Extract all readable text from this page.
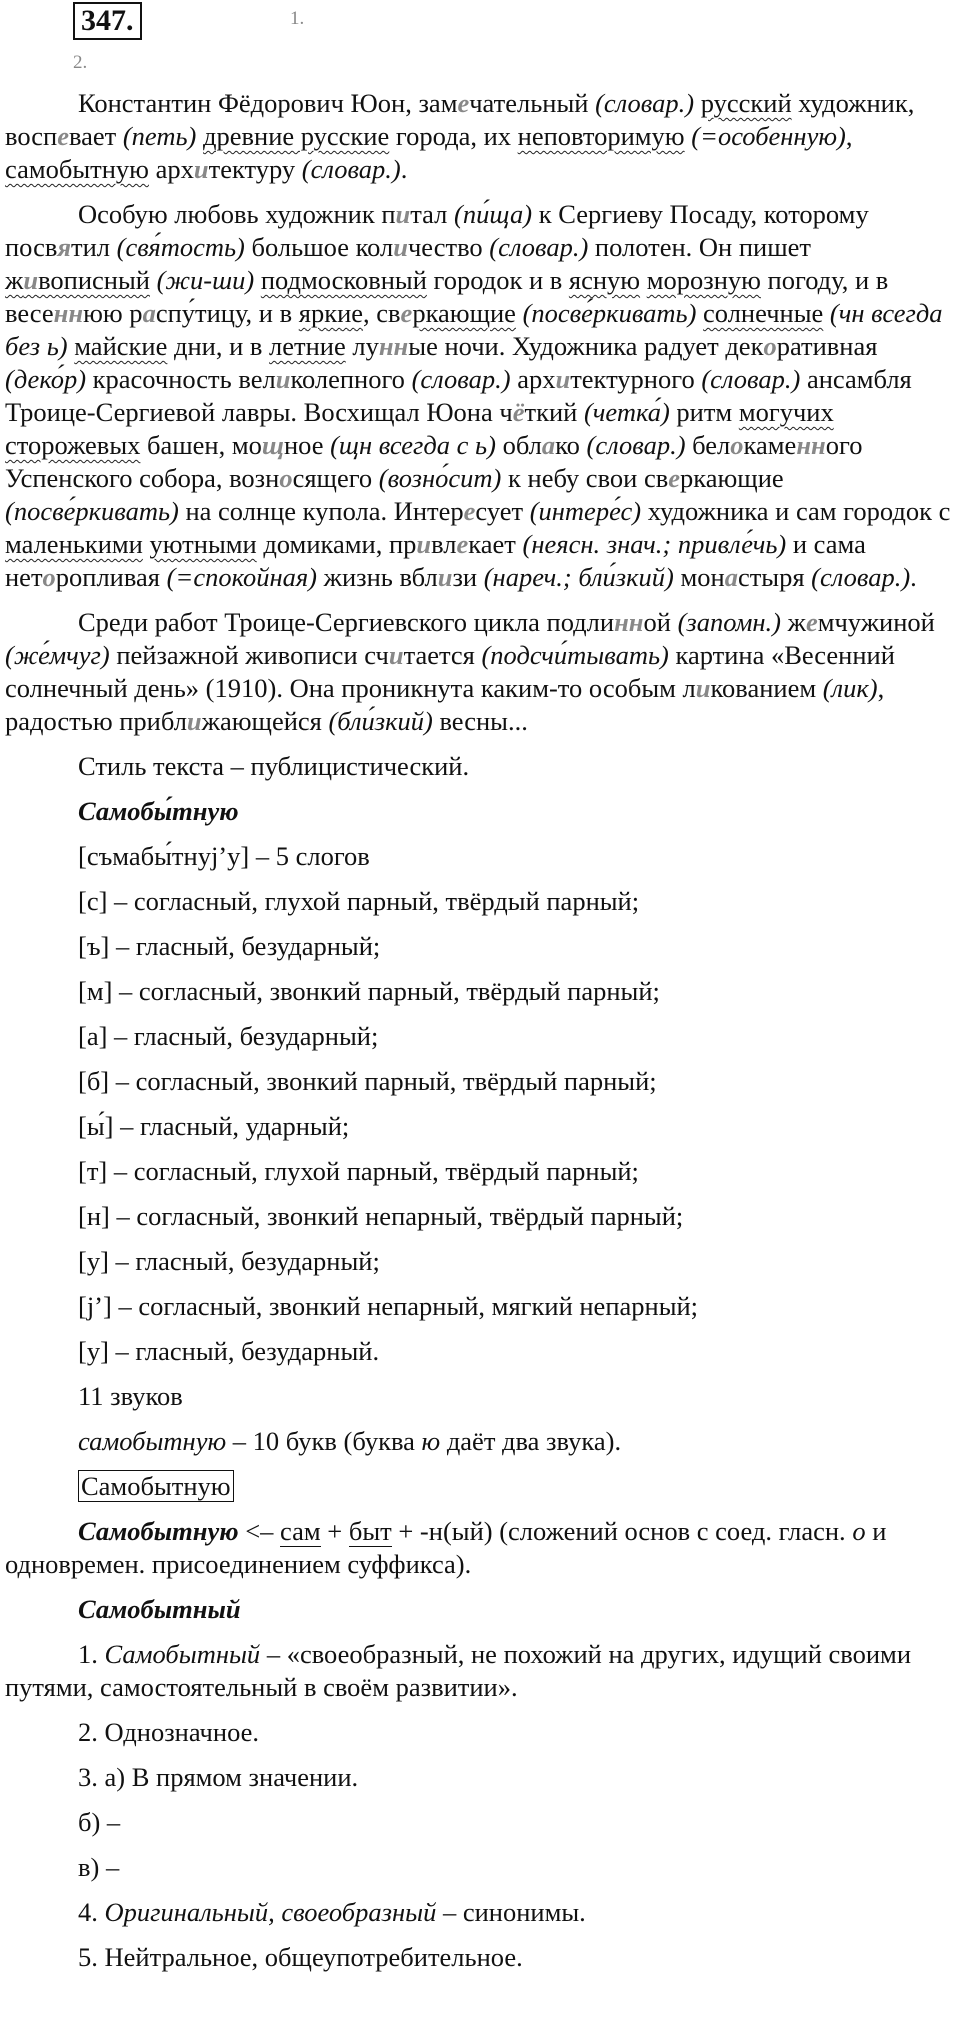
347.	1.
2.

Константин Фёдорович Юон, замечательный (словар.) русский художник, воспевает (петь) древние русские города, их неповторимую (=особенную), самобытную архитектуру (словар.).

Особую любовь художник питал (пи́ща) к Сергиеву Посаду, которому посвятил (свя́тость) большое количество (словар.) полотен. Он пишет живописный (жи-ши) подмосковный городок и в ясную морозную погоду, и в весеннюю распу́тицу, и в яркие, сверкающие (посве́ркивать) солнечные (чн всегда без ь) майские дни, и в летние лунные ночи. Художника радует декоративная (деко́р) красочность великолепного (словар.) архитектурного (словар.) ансамбля Троице-Сергиевой лавры. Восхищал Юона чёткий (четка́) ритм могучих сторожевых башен, мощное (щн всегда с ь) облако (словар.) белокаменного Успенского собора, возносящего (возно́сит) к небу свои сверкающие (посве́ркивать) на солнце купола. Интересует (интере́с) художника и сам городок с маленькими уютными домиками, привлекает (неясн. знач.; привле́чь) и сама неторопливая (=спокойная) жизнь вблизи (нареч.; бли́зкий) монастыря (словар.).

Среди работ Троице-Сергиевского цикла подлинной (запомн.) жемчужиной (же́мчуг) пейзажной живописи считается (подсчи́тывать) картина «Весенний солнечный день» (1910). Она проникнута каким-то особым ликованием (лик), радостью приближающейся (бли́зкий) весны...

Стиль текста – публицистический.

Самобы́тную

[съмабы́тнуj’у] – 5 слогов

[с] – согласный, глухой парный, твёрдый парный;

[ъ] – гласный, безударный;

[м] – согласный, звонкий парный, твёрдый парный;

[а] – гласный, безударный;

[б] – согласный, звонкий парный, твёрдый парный;

[ы́] – гласный, ударный;

[т] – согласный, глухой парный, твёрдый парный;

[н] – согласный, звонкий непарный, твёрдый парный;

[у] – гласный, безударный;

[j’] – согласный, звонкий непарный, мягкий непарный;

[у] – гласный, безударный.

11 звуков

самобытную – 10 букв (буква ю даёт два звука).

Самобытную

Самобытную <– сам + быт + -н(ый) (сложений основ с соед. гласн. о и одновремен. присоединением суффикса).

Самобытный

1. Самобытный – «своеобразный, не похожий на других, идущий своими путями, самостоятельный в своём развитии».

2. Однозначное.

3. а) В прямом значении.

б) –

в) –

4. Оригинальный, своеобразный – синонимы.

5. Нейтральное, общеупотребительное.
